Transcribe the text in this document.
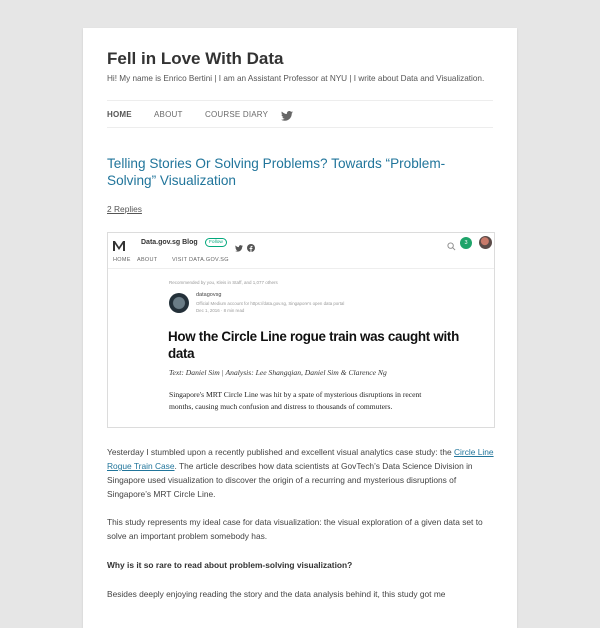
Fell in Love With Data

Hi! My name is Enrico Bertini | I am an Assistant Professor at NYU | I write about Data and Visualization.

HOME	ABOUT	COURSE DIARY
Telling Stories Or Solving Problems? Towards “Problem-Solving” Visualization
2 Replies
Data.gov.sg Blog	Follow	3
HOME ABOUT	VISIT DATA.GOV.SG
Recommended by you, Kleis in Staff, and 1,077 others
datagovsg
Official Medium account for https://data.gov.sg, Singapore's open data portal
Dec 1, 2016 · 8 min read
How the Circle Line rogue train was caught with data
Text: Daniel Sim | Analysis: Lee Shangqian, Daniel Sim & Clarence Ng

Singapore's MRT Circle Line was hit by a spate of mysterious disruptions in recent months, causing much confusion and distress to thousands of commuters.

Yesterday I stumbled upon a recently published and excellent visual analytics case study: the Circle Line Rogue Train Case. The article describes how data scientists at GovTech’s Data Science Division in Singapore used visualization to discover the origin of a recurring and mysterious disruptions of Singapore’s MRT Circle Line.

This study represents my ideal case for data visualization: the visual exploration of a given data set to solve an important problem somebody has.

Why is it so rare to read about problem-solving visualization?

Besides deeply enjoying reading the story and the data analysis behind it, this study got me
